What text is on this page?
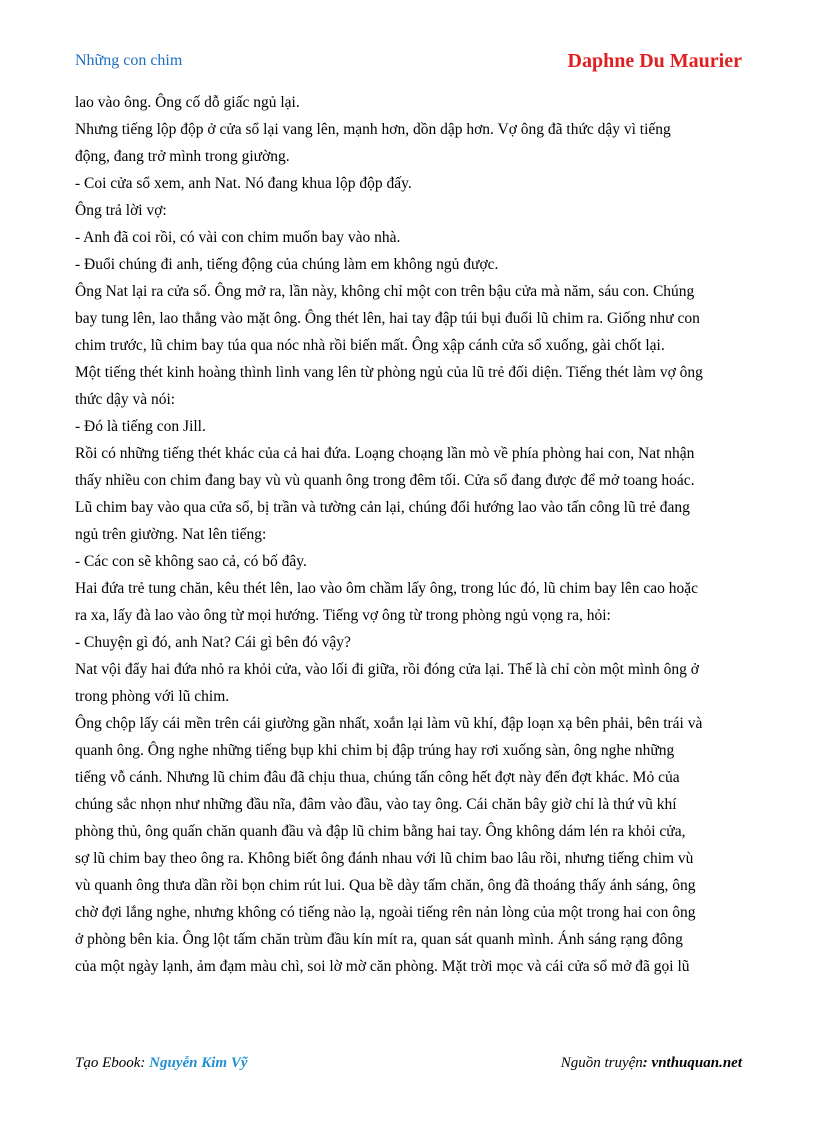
Những con chim	Daphne Du Maurier
lao vào ông. Ông cố dỗ giấc ngủ lại.
Nhưng tiếng lộp độp ở cửa sổ lại vang lên, mạnh hơn, dồn dập hơn. Vợ ông đã thức dậy vì tiếng
động, đang trở mình trong giường.
- Coi cửa sổ xem, anh Nat. Nó đang khua lộp độp đấy.
Ông trả lời vợ:
- Anh đã coi rồi, có vài con chim muốn bay vào nhà.
- Đuổi chúng đi anh, tiếng động của chúng làm em không ngủ được.
Ông Nat lại ra cửa sổ. Ông mở ra, lần này, không chỉ một con trên bậu cửa mà năm, sáu con. Chúng
bay tung lên, lao thẳng vào mặt ông. Ông thét lên, hai tay đập túi bụi đuổi lũ chim ra. Giống như con
chim trước, lũ chim bay túa qua nóc nhà rồi biến mất. Ông xập cánh cửa sổ xuống, gài chốt lại.
Một tiếng thét kinh hoàng thình lình vang lên từ phòng ngủ của lũ trẻ đối diện. Tiếng thét làm vợ ông
thức dậy và nói:
- Đó là tiếng con Jill.
Rồi có những tiếng thét khác của cả hai đứa. Loạng choạng lần mò về phía phòng hai con, Nat nhận
thấy nhiều con chim đang bay vù vù quanh ông trong đêm tối. Cửa sổ đang được để mở toang hoác.
Lũ chim bay vào qua cửa sổ, bị trần và tường cản lại, chúng đổi hướng lao vào tấn công lũ trẻ đang
ngủ trên giường. Nat lên tiếng:
- Các con sẽ không sao cả, có bố đây.
Hai đứa trẻ tung chăn, kêu thét lên, lao vào ôm chầm lấy ông, trong lúc đó, lũ chim bay lên cao hoặc
ra xa, lấy đà lao vào ông từ mọi hướng. Tiếng vợ ông từ trong phòng ngủ vọng ra, hỏi:
- Chuyện gì đó, anh Nat? Cái gì bên đó vậy?
Nat vội đẩy hai đứa nhỏ ra khỏi cửa, vào lối đi giữa, rồi đóng cửa lại. Thế là chỉ còn một mình ông ở
trong phòng với lũ chim.
Ông chộp lấy cái mền trên cái giường gần nhất, xoắn lại làm vũ khí, đập loạn xạ bên phải, bên trái và
quanh ông. Ông nghe những tiếng bụp khi chim bị đập trúng hay rơi xuống sàn, ông nghe những
tiếng vỗ cánh. Nhưng lũ chim đâu đã chịu thua, chúng tấn công hết đợt này đến đợt khác. Mỏ của
chúng sắc nhọn như những đầu nĩa, đâm vào đầu, vào tay ông. Cái chăn bây giờ chỉ là thứ vũ khí
phòng thủ, ông quấn chăn quanh đầu và đập lũ chim bằng hai tay. Ông không dám lén ra khỏi cửa,
sợ lũ chim bay theo ông ra. Không biết ông đánh nhau với lũ chim bao lâu rồi, nhưng tiếng chim vù
vù quanh ông thưa dần rồi bọn chim rút lui. Qua bề dày tấm chăn, ông đã thoáng thấy ánh sáng, ông
chờ đợi lắng nghe, nhưng không có tiếng nào lạ, ngoài tiếng rên nản lòng của một trong hai con ông
ở phòng bên kia. Ông lột tấm chăn trùm đầu kín mít ra, quan sát quanh mình. Ánh sáng rạng đông
của một ngày lạnh, ảm đạm màu chì, soi lờ mờ căn phòng. Mặt trời mọc và cái cửa sổ mở đã gọi lũ
Tạo Ebook: Nguyễn Kim Vỹ	Nguồn truyện: vnthuquan.net
